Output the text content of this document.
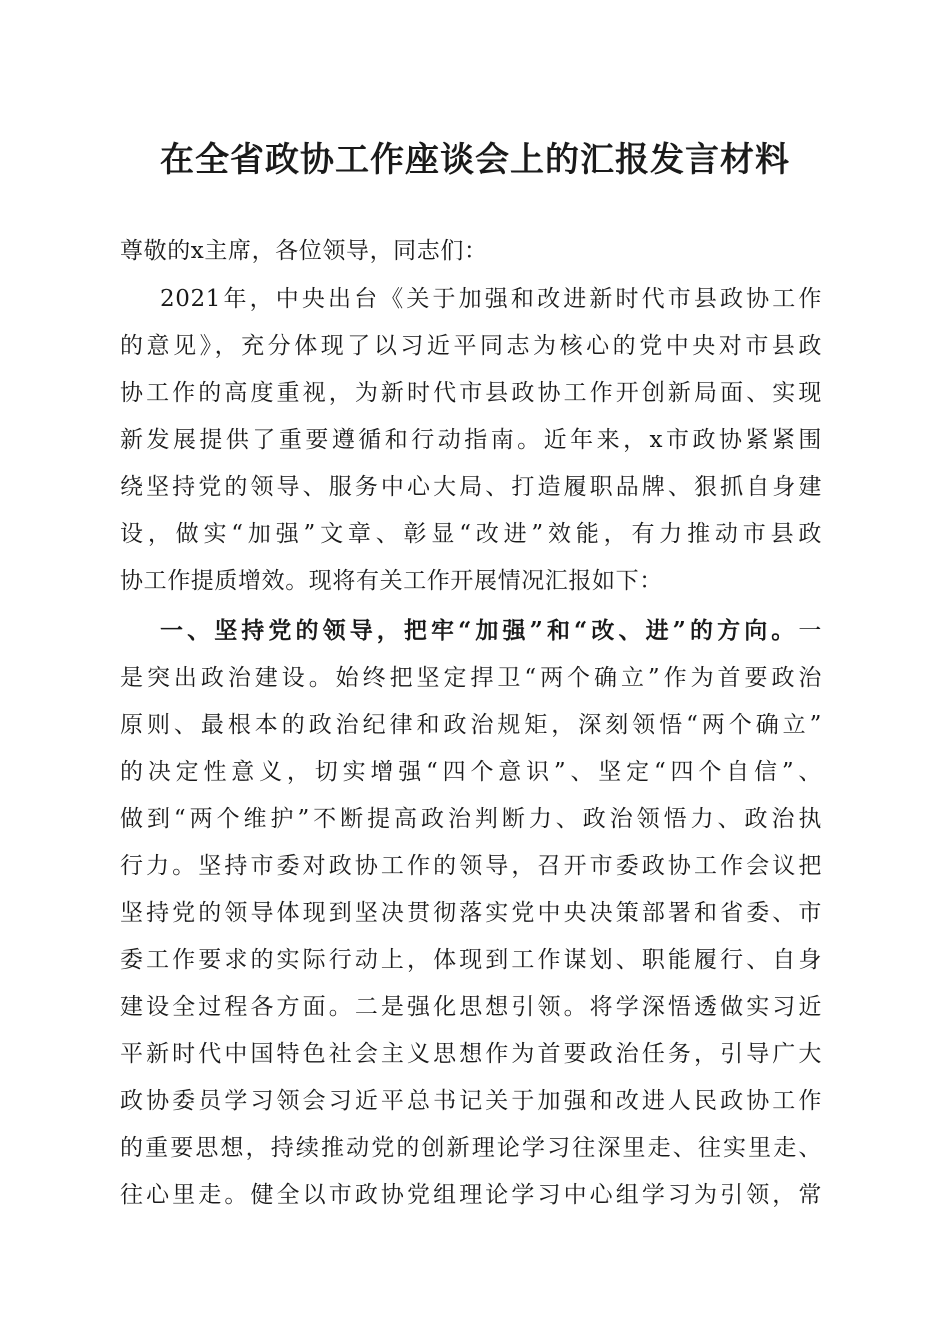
在全省政协工作座谈会上的汇报发言材料
尊敬的x主席，各位领导，同志们：
2021年，中央出台《关于加强和改进新时代市县政协工作
的意见》，充分体现了以习近平同志为核心的党中央对市县政
协工作的高度重视，为新时代市县政协工作开创新局面、实现
新发展提供了重要遵循和行动指南。近年来，x市政协紧紧围
绕坚持党的领导、服务中心大局、打造履职品牌、狠抓自身建
设，做实“加强”文章、彰显“改进”效能，有力推动市县政
协工作提质增效。现将有关工作开展情况汇报如下：
一、坚持党的领导，把牢“加强”和“改、进”的方向。一
是突出政治建设。始终把坚定捍卫“两个确立”作为首要政治
原则、最根本的政治纪律和政治规矩，深刻领悟“两个确立”
的决定性意义，切实增强“四个意识”、坚定“四个自信”、
做到“两个维护”不断提高政治判断力、政治领悟力、政治执
行力。坚持市委对政协工作的领导，召开市委政协工作会议把
坚持党的领导体现到坚决贯彻落实党中央决策部署和省委、市
委工作要求的实际行动上，体现到工作谋划、职能履行、自身
建设全过程各方面。二是强化思想引领。将学深悟透做实习近
平新时代中国特色社会主义思想作为首要政治任务，引导广大
政协委员学习领会习近平总书记关于加强和改进人民政协工作
的重要思想，持续推动党的创新理论学习往深里走、往实里走、
往心里走。健全以市政协党组理论学习中心组学习为引领，常
